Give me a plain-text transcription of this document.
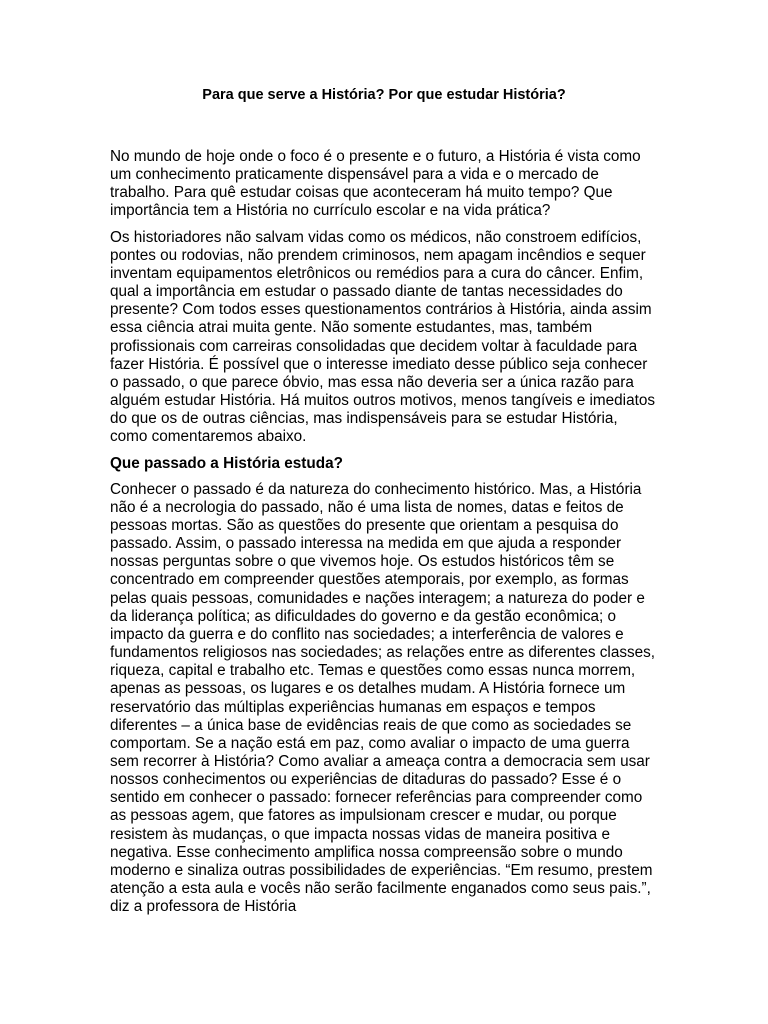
Para que serve a História? Por que estudar História?

No mundo de hoje onde o foco é o presente e o futuro, a História é vista como um conhecimento praticamente dispensável para a vida e o mercado de trabalho. Para quê estudar coisas que aconteceram há muito tempo? Que importância tem a História no currículo escolar e na vida prática?

Os historiadores não salvam vidas como os médicos, não constroem edifícios, pontes ou rodovias, não prendem criminosos, nem apagam incêndios e sequer inventam equipamentos eletrônicos ou remédios para a cura do câncer. Enfim, qual a importância em estudar o passado diante de tantas necessidades do presente? Com todos esses questionamentos contrários à História, ainda assim essa ciência atrai muita gente. Não somente estudantes, mas, também profissionais com carreiras consolidadas que decidem voltar à faculdade para fazer História. É possível que o interesse imediato desse público seja conhecer o passado, o que parece óbvio, mas essa não deveria ser a única razão para alguém estudar História. Há muitos outros motivos, menos tangíveis e imediatos do que os de outras ciências, mas indispensáveis para se estudar História, como comentaremos abaixo.

Que passado a História estuda?

Conhecer o passado é da natureza do conhecimento histórico. Mas, a História não é a necrologia do passado, não é uma lista de nomes, datas e feitos de pessoas mortas. São as questões do presente que orientam a pesquisa do passado. Assim, o passado interessa na medida em que ajuda a responder nossas perguntas sobre o que vivemos hoje. Os estudos históricos têm se concentrado em compreender questões atemporais, por exemplo, as formas pelas quais pessoas, comunidades e nações interagem; a natureza do poder e da liderança política; as dificuldades do governo e da gestão econômica; o impacto da guerra e do conflito nas sociedades; a interferência de valores e fundamentos religiosos nas sociedades; as relações entre as diferentes classes, riqueza, capital e trabalho etc. Temas e questões como essas nunca morrem, apenas as pessoas, os lugares e os detalhes mudam. A História fornece um reservatório das múltiplas experiências humanas em espaços e tempos diferentes – a única base de evidências reais de que como as sociedades se comportam. Se a nação está em paz, como avaliar o impacto de uma guerra sem recorrer à História? Como avaliar a ameaça contra a democracia sem usar nossos conhecimentos ou experiências de ditaduras do passado? Esse é o sentido em conhecer o passado: fornecer referências para compreender como as pessoas agem, que fatores as impulsionam crescer e mudar, ou porque resistem às mudanças, o que impacta nossas vidas de maneira positiva e negativa. Esse conhecimento amplifica nossa compreensão sobre o mundo moderno e sinaliza outras possibilidades de experiências. “Em resumo, prestem atenção a esta aula e vocês não serão facilmente enganados como seus pais.”, diz a professora de História
